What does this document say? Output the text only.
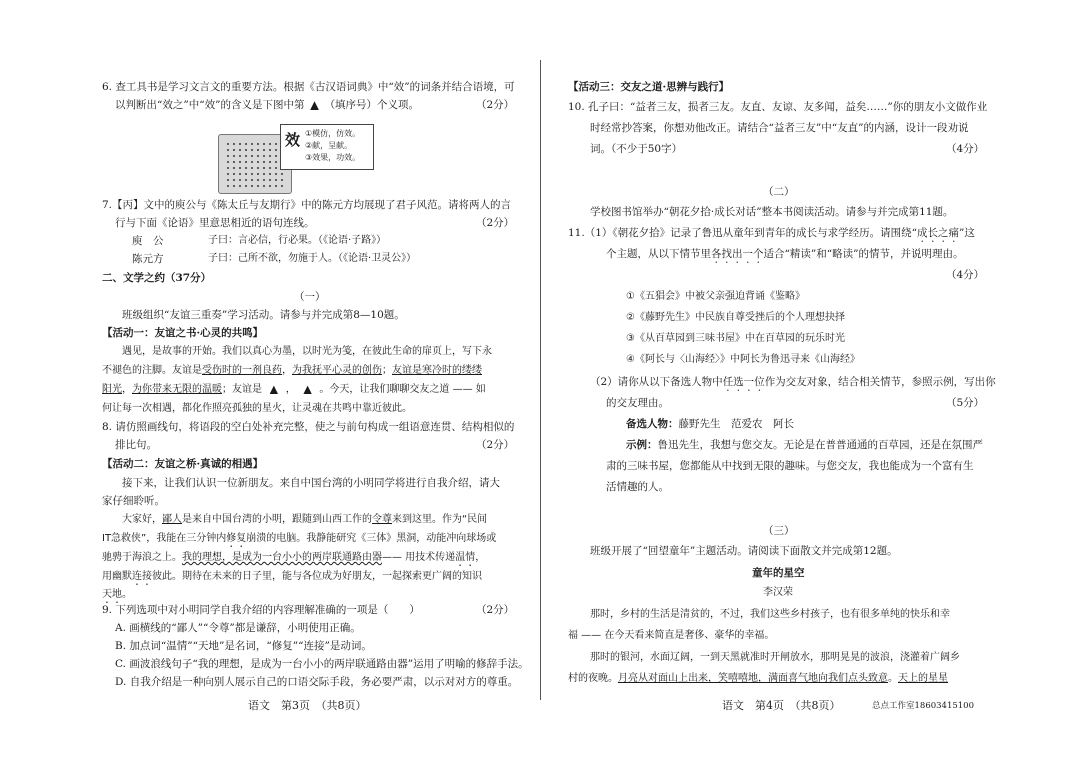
6. 查工具书是学习文言文的重要方法。根据《古汉语词典》中“效”的词条并结合语境，可
以判断出“效之”中“效”的含义是下图中第 ▲ （填序号）个义项。	（2分）
效 ①模仿，仿效。
②献，呈献。
③效果，功效。
7.【丙】文中的庾公与《陈太丘与友期行》中的陈元方均展现了君子风范。请将两人的言
行与下面《论语》里意思相近的语句连线。	（2分）
庾　公	子曰：言必信，行必果。（《论语·子路》）
陈元方	子曰：己所不欲，勿施于人。（《论语·卫灵公》）
二、文学之约（37分）
（一）
班级组织“友谊三重奏”学习活动。请参与并完成第8—10题。
【活动一：友谊之书·心灵的共鸣】
遇见，是故事的开始。我们以真心为墨，以时光为笺，在彼此生命的扉页上，写下永
不褪色的注脚。友谊是受伤时的一剂良药，为我抚平心灵的创伤；友谊是寒冷时的缕缕
阳光，为你带来无限的温暖；友谊是 ▲ ， ▲ 。今天，让我们聊聊交友之道 —— 如
何让每一次相遇，都化作照亮孤独的星火，让灵魂在共鸣中靠近彼此。
8. 请仿照画线句，将语段的空白处补充完整，使之与前句构成一组语意连贯、结构相似的
排比句。	（2分）
【活动二：友谊之桥·真诚的相遇】
接下来，让我们认识一位新朋友。来自中国台湾的小明同学将进行自我介绍，请大
家仔细聆听。
大家好，鄙人是来自中国台湾的小明，跟随到山西工作的令尊来到这里。作为“民间
IT急救侠”，我能在三分钟内修复崩溃的电脑。我静能研究《三体》黑洞，动能冲向球场或
驰骋于海浪之上。我的理想，是成为一台小小的两岸联通路由器—— 用技术传递温情，
用幽默连接彼此。期待在未来的日子里，能与各位成为好朋友，一起探索更广阔的知识
天地。
9. 下列选项中对小明同学自我介绍的内容理解准确的一项是（　　）	（2分）
A. 画横线的“鄙人”“令尊”都是谦辞，小明使用正确。
B. 加点词“温情”“天地”是名词，“修复”“连接”是动词。
C. 画波浪线句子“我的理想，是成为一台小小的两岸联通路由器”运用了明喻的修辞手法。
D. 自我介绍是一种向别人展示自己的口语交际手段，务必要严肃，以示对对方的尊重。
语文　第3页　（共8页）
【活动三：交友之道·思辨与践行】
10. 孔子曰：“益者三友，损者三友。友直、友谅、友多闻，益矣……”你的朋友小文做作业
时经常抄答案，你想劝他改正。请结合“益者三友”中“友直”的内涵，设计一段劝说
词。（不少于50字）	（4分）
（二）
学校图书馆举办“朝花夕拾·成长对话”整本书阅读活动。请参与并完成第11题。
11.（1）《朝花夕拾》记录了鲁迅从童年到青年的成长与求学经历。请围绕“成长之痛”这
个主题，从以下情节里各找出一个适合“精读”和“略读”的情节，并说明理由。
（4分）
①《五猖会》中被父亲强迫背诵《鉴略》
②《藤野先生》中民族自尊受挫后的个人理想抉择
③《从百草园到三味书屋》中在百草园的玩乐时光
④《阿长与〈山海经〉》中阿长为鲁迅寻来《山海经》
（2）请你从以下备选人物中任选一位作为交友对象，结合相关情节，参照示例，写出你
的交友理由。	（5分）
备选人物：藤野先生　范爱农　阿长
示例：鲁迅先生，我想与您交友。无论是在普普通通的百草园，还是在氛围严
肃的三味书屋，您都能从中找到无限的趣味。与您交友，我也能成为一个富有生
活情趣的人。
（三）
班级开展了“回望童年”主题活动。请阅读下面散文并完成第12题。
童年的星空
李汉荣
那时，乡村的生活是清贫的，不过，我们这些乡村孩子，也有很多单纯的快乐和幸
福 —— 在今天看来简直是奢侈、豪华的幸福。
那时的银河，水面辽阔，一到天黑就准时开闸放水，那明晃晃的波浪，浇灌着广阔乡
村的夜晚。月亮从对面山上出来，笑嘻嘻地，满面喜气地向我们点头致意。天上的星星
语文　第4页　（共8页）	总点工作室18603415100
